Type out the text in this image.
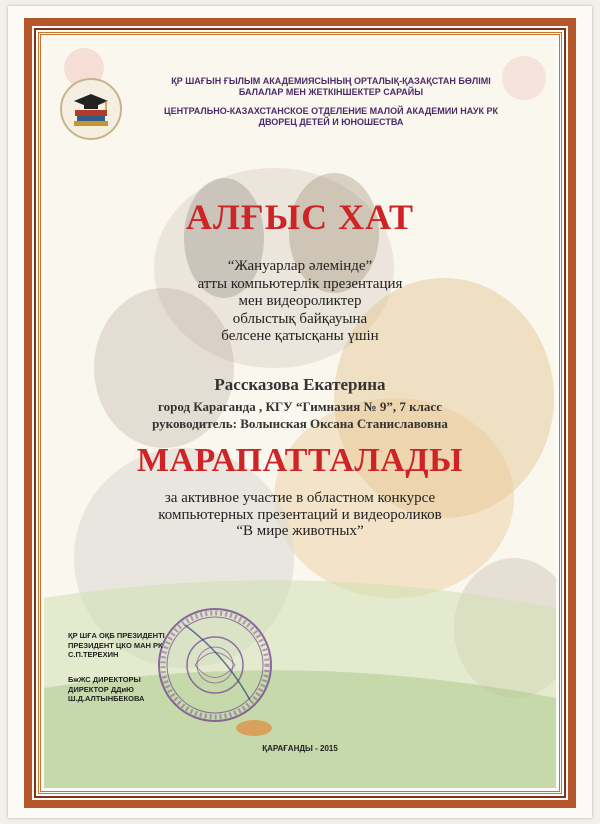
ҚР ШАҒЫН ҒЫЛЫМ АКАДЕМИЯСЫНЫҢ ОРТАЛЫҚ-ҚАЗАҚСТАН БӨЛІМІ
БАЛАЛАР МЕН ЖЕТКІНШЕКТЕР САРАЙЫ
ЦЕНТРАЛЬНО-КАЗАХСТАНСКОЕ ОТДЕЛЕНИЕ МАЛОЙ АКАДЕМИИ НАУК РК
ДВОРЕЦ ДЕТЕЙ И ЮНОШЕСТВА
АЛҒЫС ХАТ
“Жануарлар әлемінде”
атты компьютерлік презентация
мен видеороликтер
облыстық байқауына
белсене қатысқаны үшін
Рассказова Екатерина
город Караганда , КГУ “Гимназия № 9”, 7 класс
руководитель: Волынская Оксана Станиславовна
МАРАПАТТАЛАДЫ
за активное участие в областном конкурсе
компьютерных презентаций и видеороликов
“В мире животных”
ҚР ШҒА ОҚБ ПРЕЗИДЕНТІ
ПРЕЗИДЕНТ ЦКО МАН РК
С.П.ТЕРЕХИН
БжЖС ДИРЕКТОРЫ
ДИРЕКТОР ДДиЮ
Ш.Д.АЛТЫНБЕКОВА
ҚАРАҒАНДЫ - 2015
